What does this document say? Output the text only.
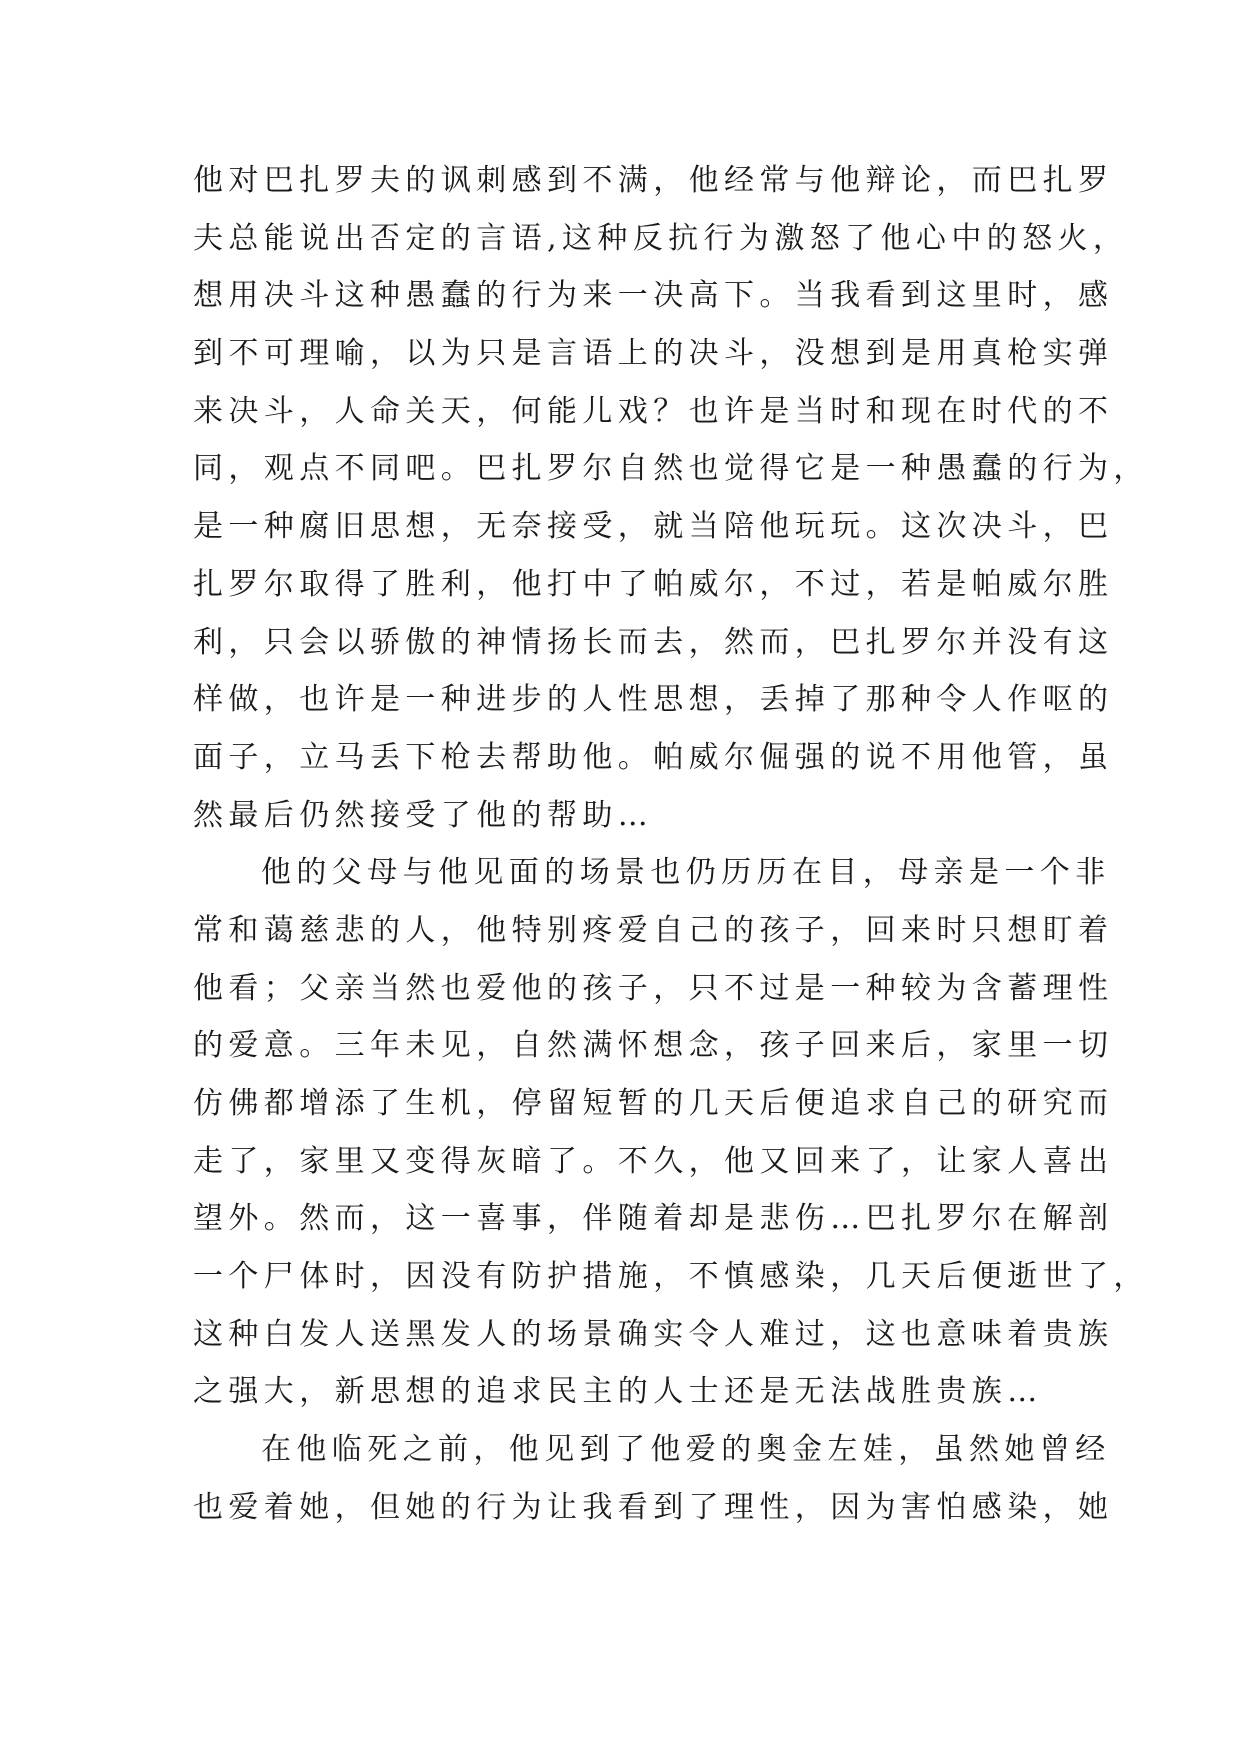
他对巴扎罗夫的讽刺感到不满，他经常与他辩论，而巴扎罗
夫总能说出否定的言语,这种反抗行为激怒了他心中的怒火，
想用决斗这种愚蠢的行为来一决高下。当我看到这里时，感
到不可理喻，以为只是言语上的决斗，没想到是用真枪实弹
来决斗，人命关天，何能儿戏？也许是当时和现在时代的不
同，观点不同吧。巴扎罗尔自然也觉得它是一种愚蠢的行为，
是一种腐旧思想，无奈接受，就当陪他玩玩。这次决斗，巴
扎罗尔取得了胜利，他打中了帕威尔，不过，若是帕威尔胜
利，只会以骄傲的神情扬长而去，然而，巴扎罗尔并没有这
样做，也许是一种进步的人性思想，丢掉了那种令人作呕的
面子，立马丢下枪去帮助他。帕威尔倔强的说不用他管，虽
然最后仍然接受了他的帮助…
他的父母与他见面的场景也仍历历在目，母亲是一个非
常和蔼慈悲的人，他特别疼爱自己的孩子，回来时只想盯着
他看；父亲当然也爱他的孩子，只不过是一种较为含蓄理性
的爱意。三年未见，自然满怀想念，孩子回来后，家里一切
仿佛都增添了生机，停留短暂的几天后便追求自己的研究而
走了，家里又变得灰暗了。不久，他又回来了，让家人喜出
望外。然而，这一喜事，伴随着却是悲伤…巴扎罗尔在解剖
一个尸体时，因没有防护措施，不慎感染，几天后便逝世了，
这种白发人送黑发人的场景确实令人难过，这也意味着贵族
之强大，新思想的追求民主的人士还是无法战胜贵族…
在他临死之前，他见到了他爱的奥金左娃，虽然她曾经
也爱着她，但她的行为让我看到了理性，因为害怕感染，她
